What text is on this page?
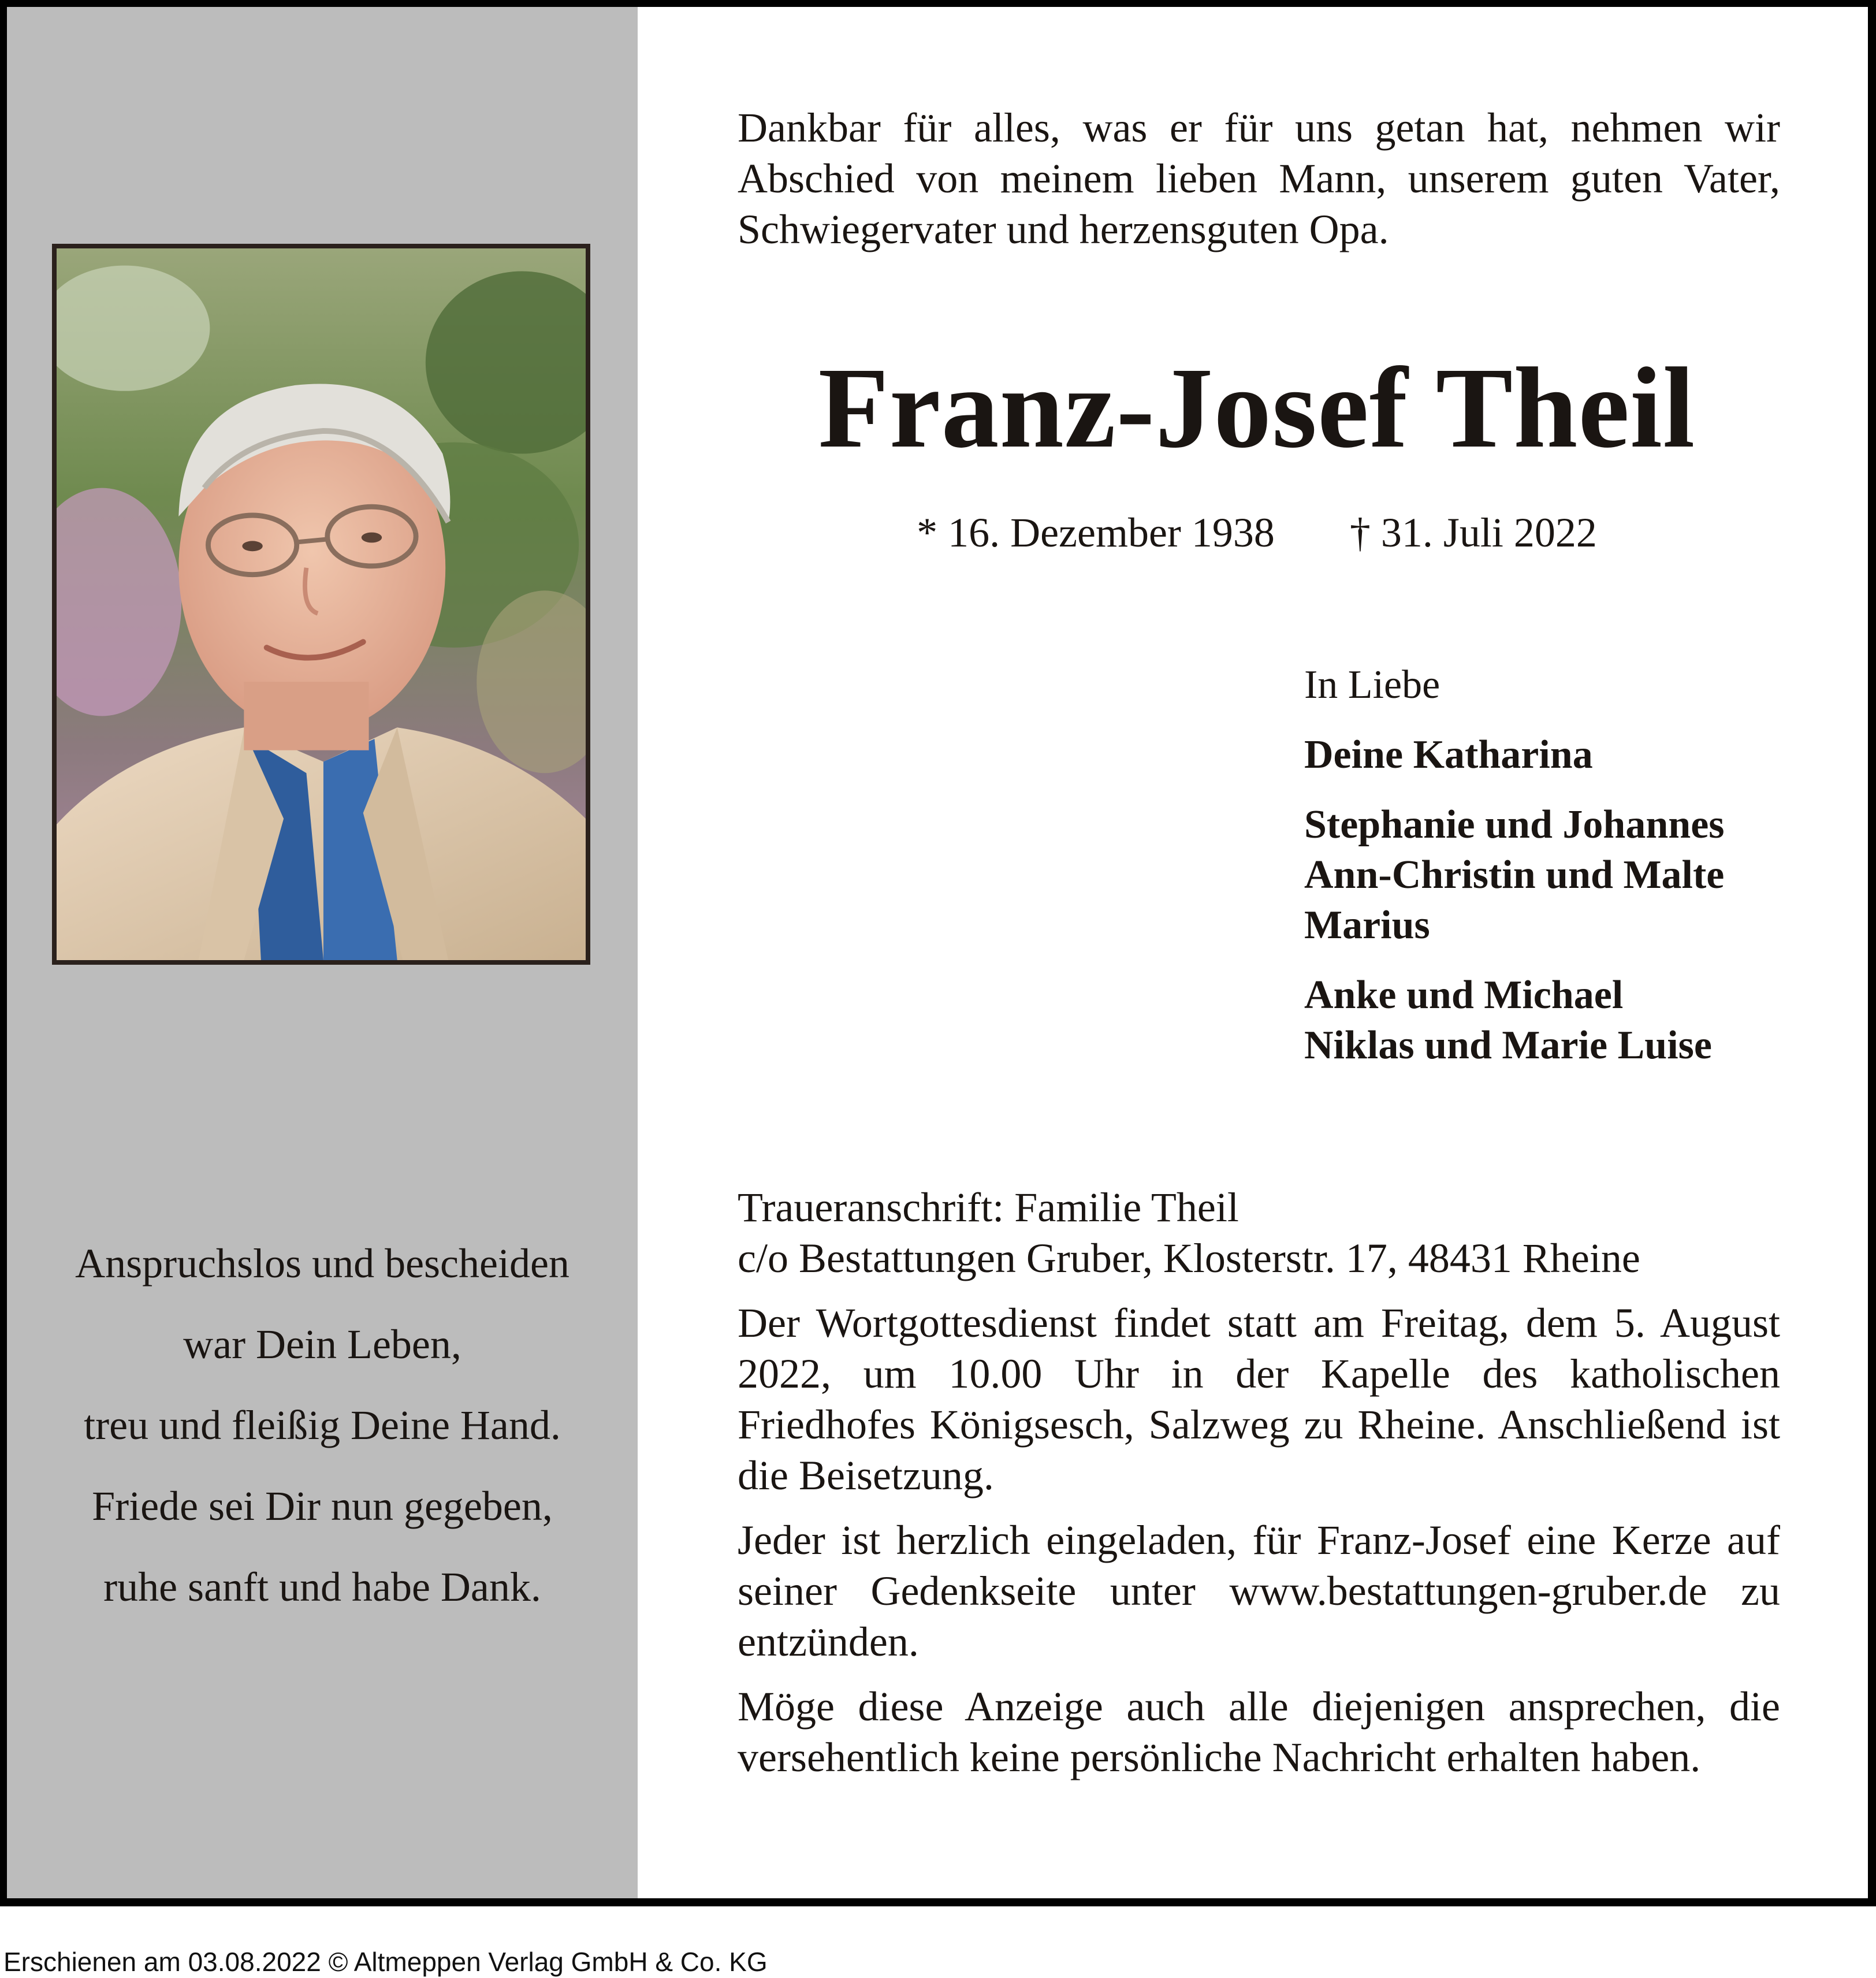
Anspruchslos und bescheiden
war Dein Leben,
treu und fleißig Deine Hand.
Friede sei Dir nun gegeben,
ruhe sanft und habe Dank.
Dankbar für alles, was er für uns getan hat, nehmen wir Abschied von meinem lieben Mann, unserem guten Vater, Schwiegervater und herzensguten Opa.
Franz-Josef Theil
* 16. Dezember 1938 † 31. Juli 2022
In Liebe
Deine Katharina
Stephanie und Johannes
Ann-Christin und Malte
Marius
Anke und Michael
Niklas und Marie Luise

Traueranschrift: Familie Theil
c/o Bestattungen Gruber, Klosterstr. 17, 48431 Rheine

Der Wortgottesdienst findet statt am Freitag, dem 5. August 2022, um 10.00 Uhr in der Kapelle des katholischen Friedhofes Königsesch, Salzweg zu Rheine. Anschließend ist die Beisetzung.

Jeder ist herzlich eingeladen, für Franz-Josef eine Kerze auf seiner Gedenkseite unter www.bestattungen-gruber.de zu entzünden.

Möge diese Anzeige auch alle diejenigen ansprechen, die versehentlich keine persönliche Nachricht erhalten haben.

Erschienen am 03.08.2022 © Altmeppen Verlag GmbH & Co. KG
